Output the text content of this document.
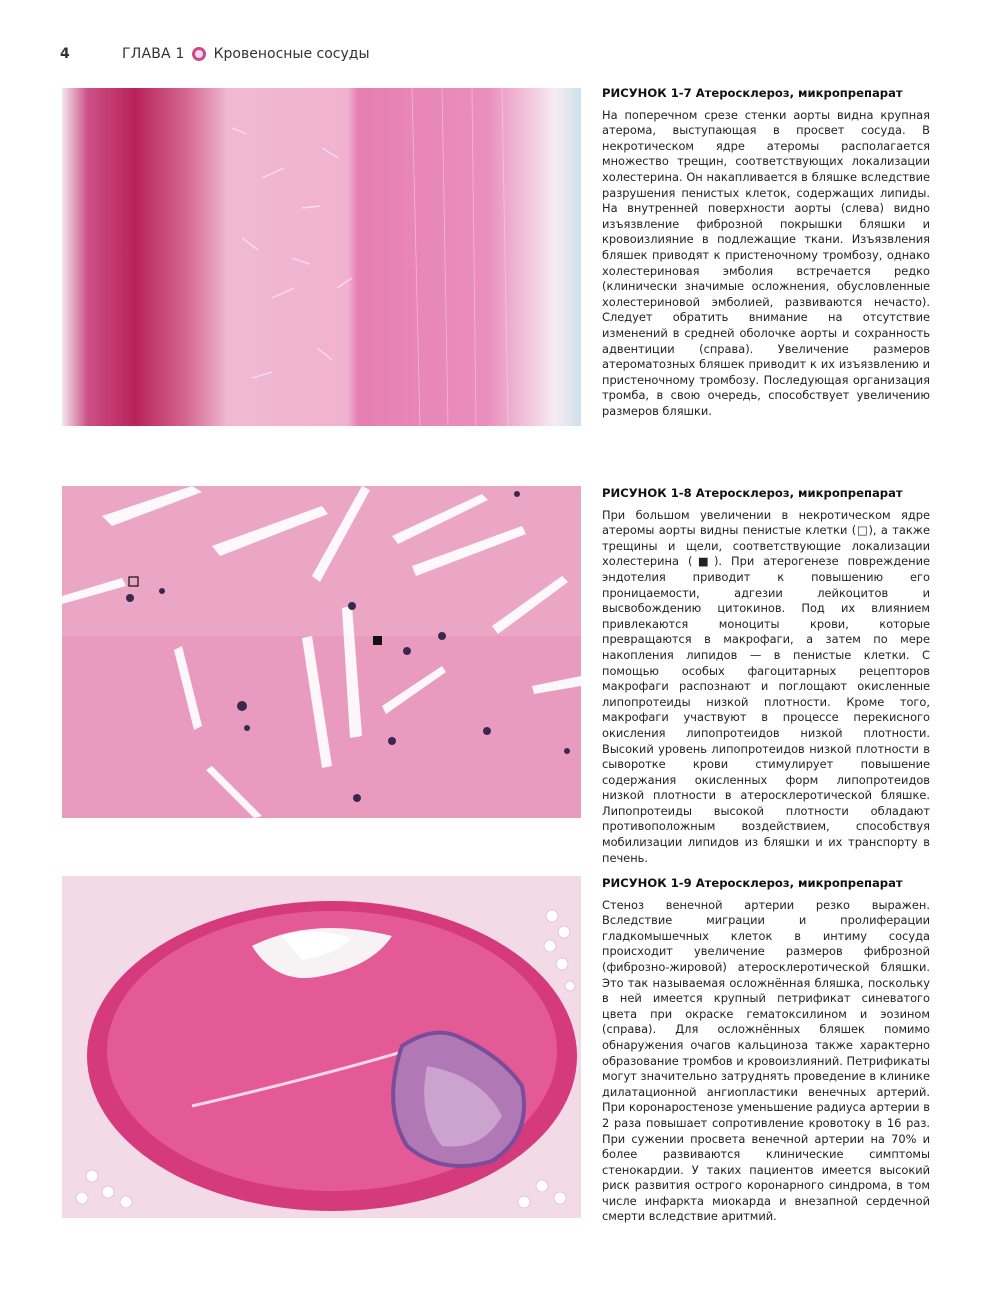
4	ГЛАВА 1 Кровеносные сосуды
РИСУНОК 1-7 Атеросклероз, микропрепарат
На поперечном срезе стенки аорты видна крупная атерома, выступающая в просвет сосуда. В некротическом ядре атеромы располагается множество трещин, соответствующих локализации холестерина. Он накапливается в бляшке вследствие разрушения пенистых клеток, содержащих липиды. На внутренней поверхности аорты (слева) видно изъязвление фиброзной покрышки бляшки и кровоизлияние в подлежащие ткани. Изъязвления бляшек приводят к пристеночному тромбозу, однако холестериновая эмболия встречается редко (клинически значимые осложнения, обусловленные холестериновой эмболией, развиваются нечасто). Следует обратить внимание на отсутствие изменений в средней оболочке аорты и сохранность адвентиции (справа). Увеличение размеров атероматозных бляшек приводит к их изъязвлению и пристеночному тромбозу. Последующая организация тромба, в свою очередь, способствует увеличению размеров бляшки.
РИСУНОК 1-8 Атеросклероз, микропрепарат
При большом увеличении в некротическом ядре атеромы аорты видны пенистые клетки (□), а также трещины и щели, соответствующие локализации холестерина (■). При атерогенезе повреждение эндотелия приводит к повышению его проницаемости, адгезии лейкоцитов и высвобождению цитокинов. Под их влиянием привлекаются моноциты крови, которые превращаются в макрофаги, а затем по мере накопления липидов — в пенистые клетки. С помощью особых фагоцитарных рецепторов макрофаги распознают и поглощают окисленные липопротеиды низкой плотности. Кроме того, макрофаги участвуют в процессе перекисного окисления липопротеидов низкой плотности. Высокий уровень липопротеидов низкой плотности в сыворотке крови стимулирует повышение содержания окисленных форм липопротеидов низкой плотности в атеросклеротической бляшке. Липопротеиды высокой плотности обладают противоположным воздействием, способствуя мобилизации липидов из бляшки и их транспорту в печень.
РИСУНОК 1-9 Атеросклероз, микропрепарат
Стеноз венечной артерии резко выражен. Вследствие миграции и пролиферации гладкомышечных клеток в интиму сосуда происходит увеличение размеров фиброзной (фиброзно-жировой) атеросклеротической бляшки. Это так называемая осложнённая бляшка, поскольку в ней имеется крупный петрификат синеватого цвета при окраске гематоксилином и эозином (справа). Для осложнённых бляшек помимо обнаружения очагов кальциноза также характерно образование тромбов и кровоизлияний. Петрификаты могут значительно затруднять проведение в клинике дилатационной ангиопластики венечных артерий. При коронаростенозе уменьшение радиуса артерии в 2 раза повышает сопротивление кровотоку в 16 раз. При сужении просвета венечной артерии на 70% и более развиваются клинические симптомы стенокардии. У таких пациентов имеется высокий риск развития острого коронарного синдрома, в том числе инфаркта миокарда и внезапной сердечной смерти вследствие аритмий.
